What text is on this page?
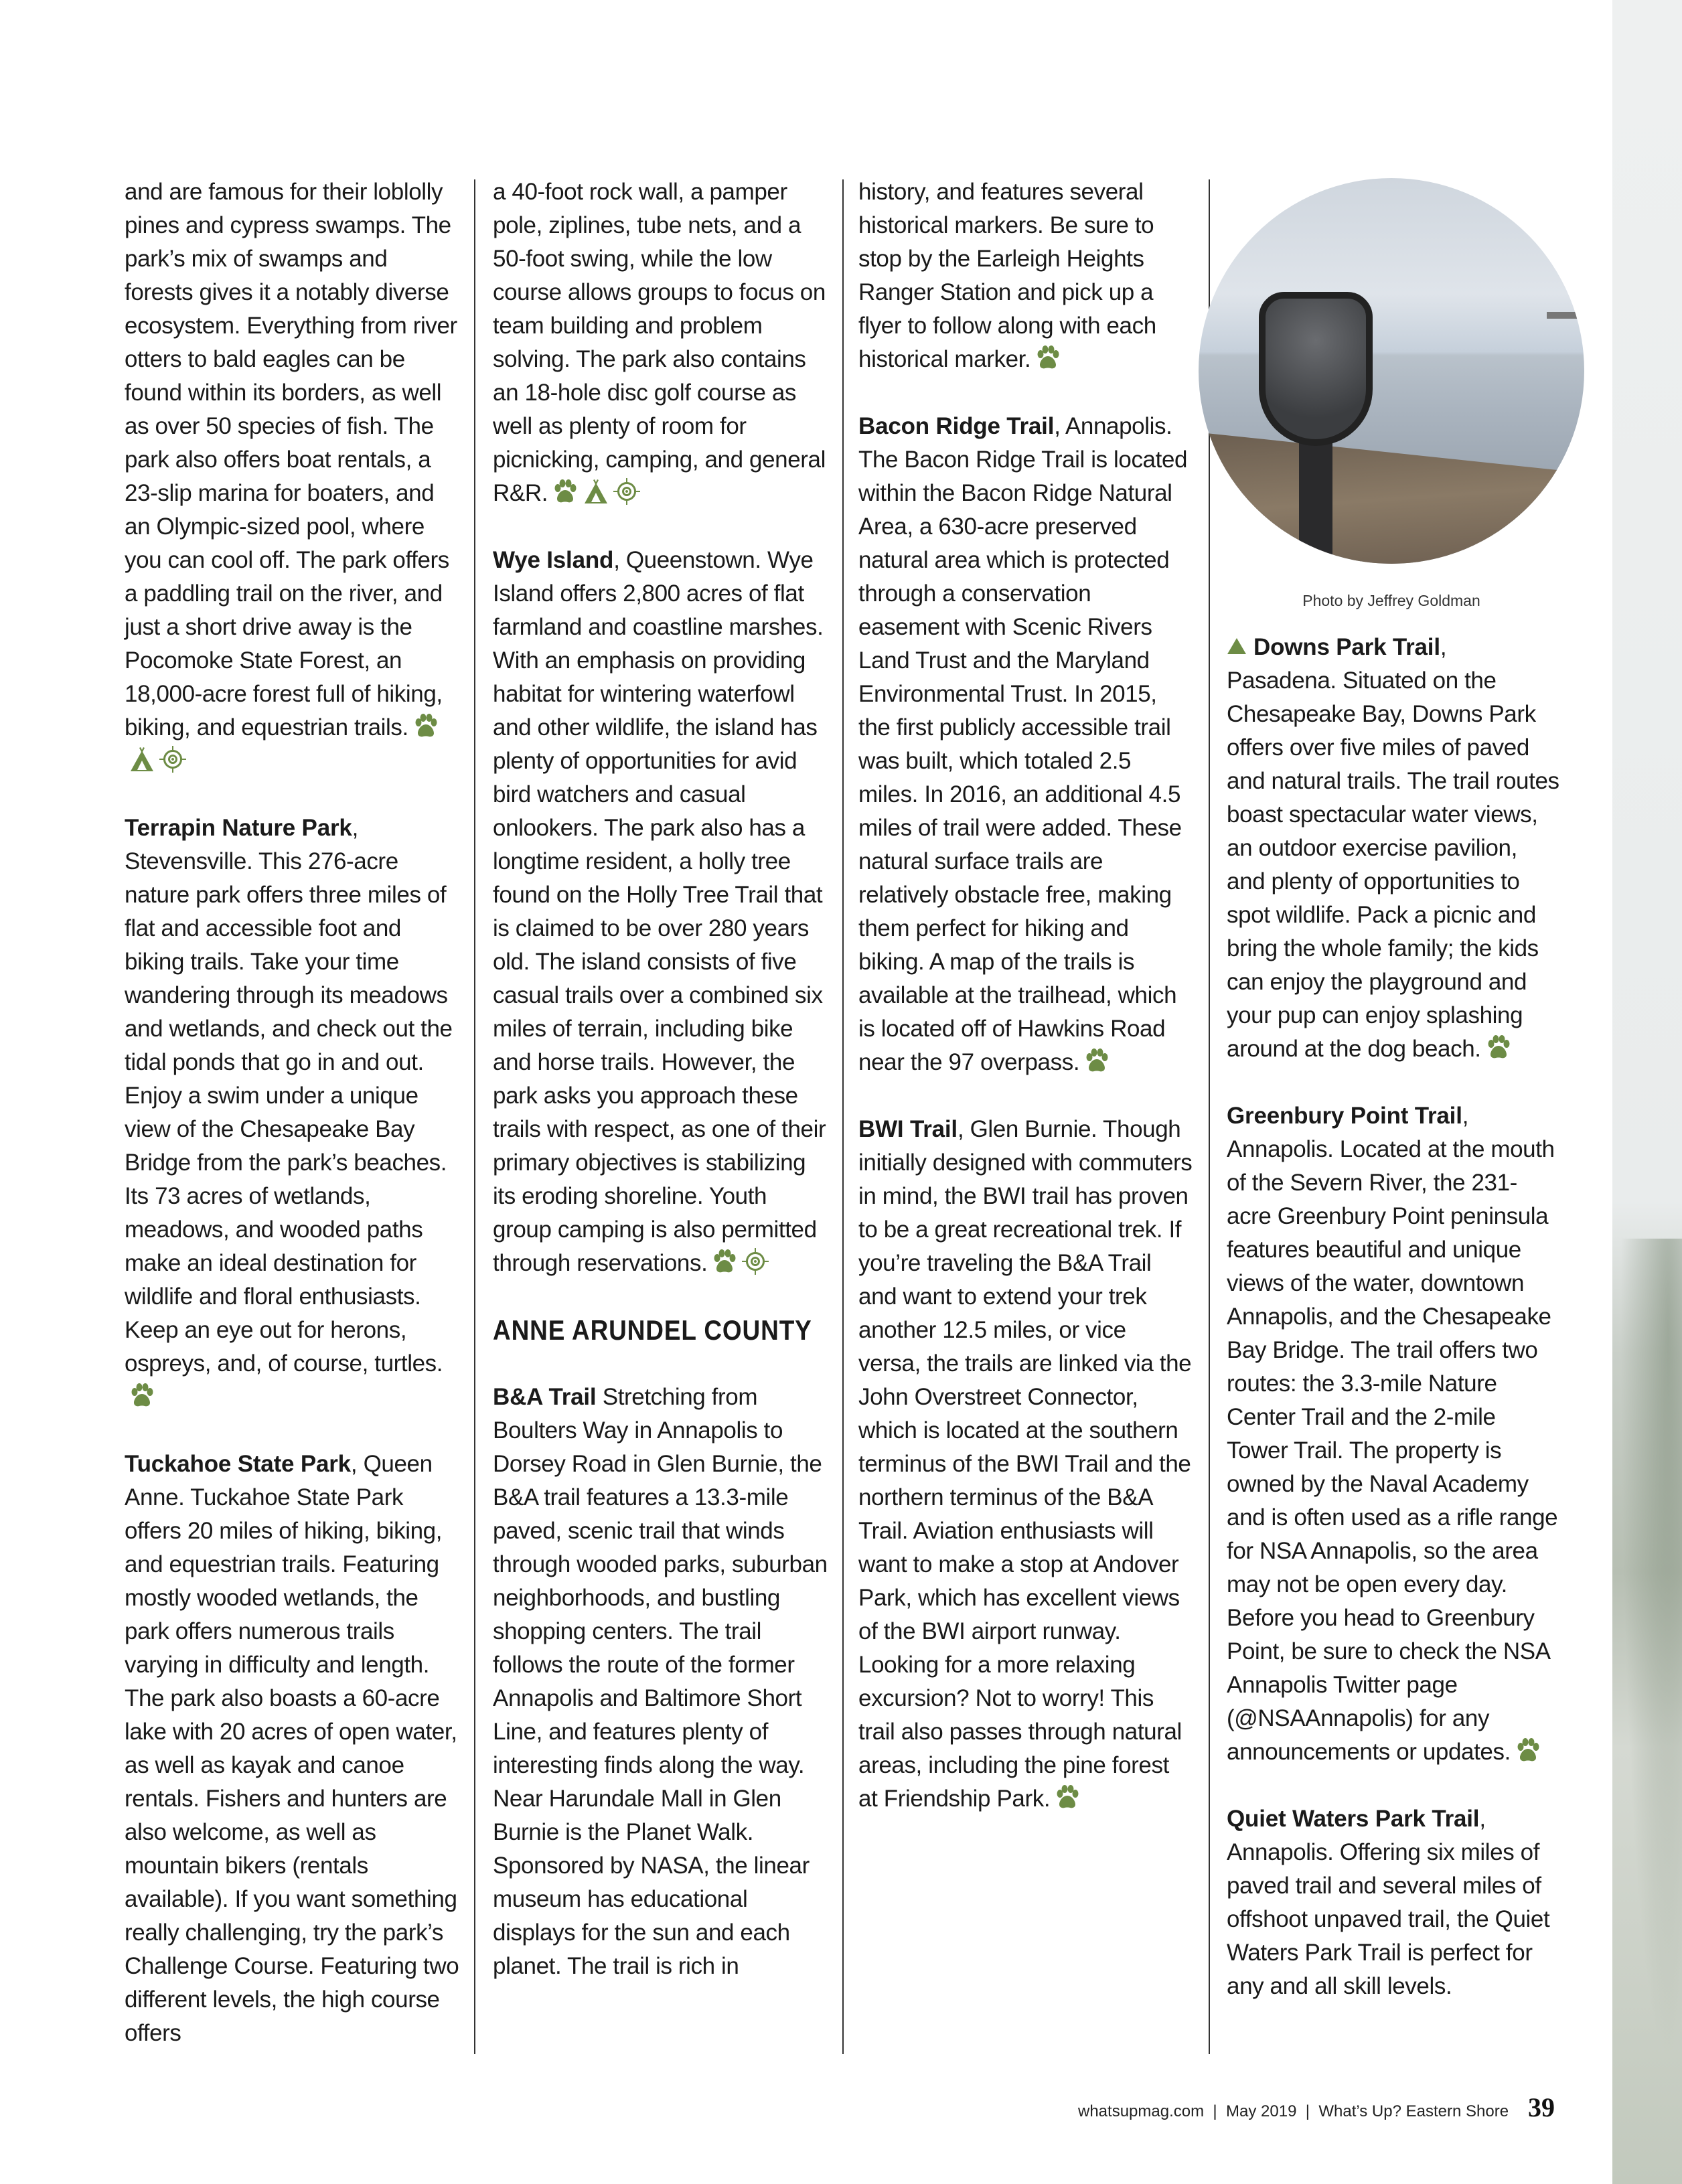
and are famous for their loblolly pines and cypress swamps. The park’s mix of swamps and forests gives it a notably diverse ecosystem. Everything from river otters to bald eagles can be found within its borders, as well as over 50 species of fish. The park also offers boat rentals, a 23-slip marina for boaters, and an Olympic-sized pool, where you can cool off. The park offers a paddling trail on the river, and just a short drive away is the Pocomoke State Forest, an 18,000-acre forest full of hiking, biking, and equestrian trails.

Terrapin Nature Park, Stevensville. This 276-acre nature park offers three miles of flat and accessible foot and biking trails. Take your time wandering through its meadows and wetlands, and check out the tidal ponds that go in and out. Enjoy a swim under a unique view of the Chesapeake Bay Bridge from the park’s beaches. Its 73 acres of wetlands, meadows, and wooded paths make an ideal destination for wildlife and floral enthusiasts. Keep an eye out for herons, ospreys, and, of course, turtles.

Tuckahoe State Park, Queen Anne. Tuckahoe State Park offers 20 miles of hiking, biking, and equestrian trails. Featuring mostly wooded wetlands, the park offers numerous trails varying in difficulty and length. The park also boasts a 60-acre lake with 20 acres of open water, as well as kayak and canoe rentals. Fishers and hunters are also welcome, as well as mountain bikers (rentals available). If you want something really challenging, try the park’s Challenge Course. Featuring two different levels, the high course offers

a 40-foot rock wall, a pamper pole, ziplines, tube nets, and a 50-foot swing, while the low course allows groups to focus on team building and problem solving. The park also contains an 18-hole disc golf course as well as plenty of room for picnicking, camping, and general R&R.

Wye Island, Queenstown. Wye Island offers 2,800 acres of flat farmland and coastline marshes. With an emphasis on providing habitat for wintering waterfowl and other wildlife, the island has plenty of opportunities for avid bird watchers and casual onlookers. The park also has a longtime resident, a holly tree found on the Holly Tree Trail that is claimed to be over 280 years old. The island consists of five casual trails over a combined six miles of terrain, including bike and horse trails. However, the park asks you approach these trails with respect, as one of their primary objectives is stabilizing its eroding shoreline. Youth group camping is also permitted through reservations.

ANNE ARUNDEL COUNTY

B&A Trail Stretching from Boulters Way in Annapolis to Dorsey Road in Glen Burnie, the B&A trail features a 13.3-mile paved, scenic trail that winds through wooded parks, suburban neighborhoods, and bustling shopping centers. The trail follows the route of the former Annapolis and Baltimore Short Line, and features plenty of interesting finds along the way. Near Harundale Mall in Glen Burnie is the Planet Walk. Sponsored by NASA, the linear museum has educational displays for the sun and each planet. The trail is rich in

history, and features several historical markers. Be sure to stop by the Earleigh Heights Ranger Station and pick up a flyer to follow along with each historical marker.

Bacon Ridge Trail, Annapolis. The Bacon Ridge Trail is located within the Bacon Ridge Natural Area, a 630-acre preserved natural area which is protected through a conservation easement with Scenic Rivers Land Trust and the Maryland Environmental Trust. In 2015, the first publicly accessible trail was built, which totaled 2.5 miles. In 2016, an additional 4.5 miles of trail were added. These natural surface trails are relatively obstacle free, making them perfect for hiking and biking. A map of the trails is available at the trailhead, which is located off of Hawkins Road near the 97 overpass.

BWI Trail, Glen Burnie. Though initially designed with commuters in mind, the BWI trail has proven to be a great recreational trek. If you’re traveling the B&A Trail and want to extend your trek another 12.5 miles, or vice versa, the trails are linked via the John Overstreet Connector, which is located at the southern terminus of the BWI Trail and the northern terminus of the B&A Trail. Aviation enthusiasts will want to make a stop at Andover Park, which has excellent views of the BWI airport runway. Looking for a more relaxing excursion? Not to worry! This trail also passes through natural areas, including the pine forest at Friendship Park.

Photo by Jeffrey Goldman

Downs Park Trail, Pasadena. Situated on the Chesapeake Bay, Downs Park offers over five miles of paved and natural trails. The trail routes boast spectacular water views, an outdoor exercise pavilion, and plenty of opportunities to spot wildlife. Pack a picnic and bring the whole family; the kids can enjoy the playground and your pup can enjoy splashing around at the dog beach.

Greenbury Point Trail, Annapolis. Located at the mouth of the Severn River, the 231-acre Greenbury Point peninsula features beautiful and unique views of the water, downtown Annapolis, and the Chesapeake Bay Bridge. The trail offers two routes: the 3.3-mile Nature Center Trail and the 2-mile Tower Trail. The property is owned by the Naval Academy and is often used as a rifle range for NSA Annapolis, so the area may not be open every day. Before you head to Greenbury Point, be sure to check the NSA Annapolis Twitter page (@NSAAnnapolis) for any announcements or updates.

Quiet Waters Park Trail, Annapolis. Offering six miles of paved trail and several miles of offshoot unpaved trail, the Quiet Waters Park Trail is perfect for any and all skill levels.

whatsupmag.com  |  May 2019  |  What’s Up? Eastern Shore 39
